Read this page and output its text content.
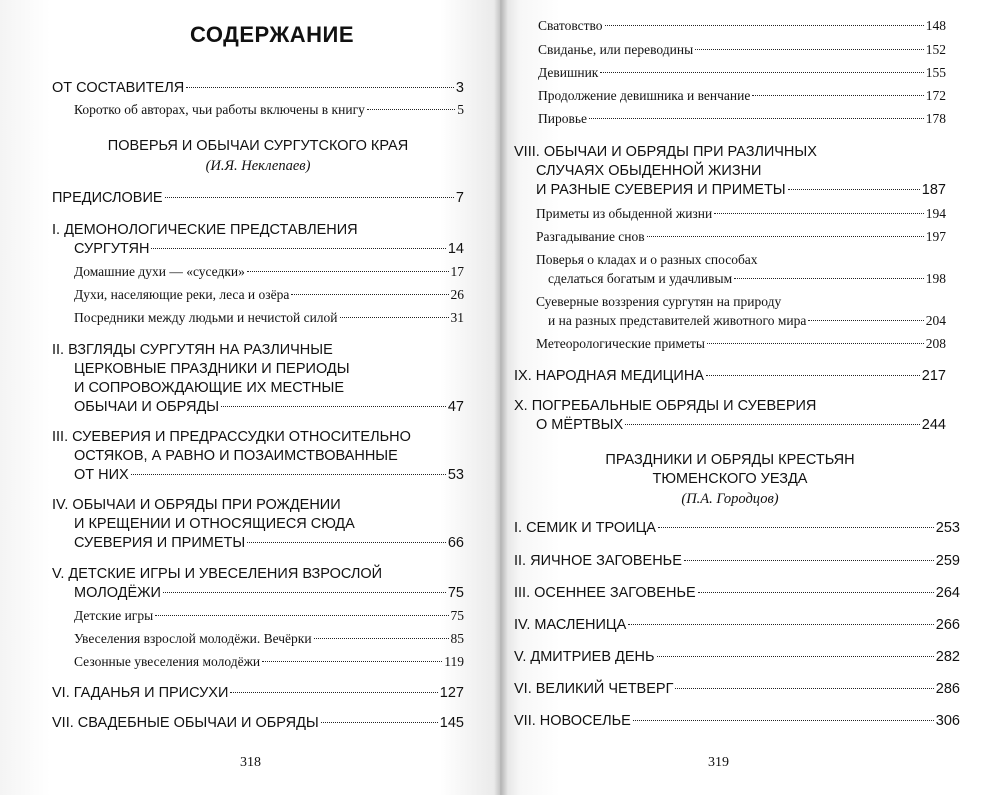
СОДЕРЖАНИЕ
ОТ СОСТАВИТЕЛЯ	3
Коротко об авторах, чьи работы включены в книгу	5
ПОВЕРЬЯ И ОБЫЧАИ СУРГУТСКОГО КРАЯ
(И.Я. Неклепаев)
ПРЕДИСЛОВИЕ	7
I. ДЕМОНОЛОГИЧЕСКИЕ ПРЕДСТАВЛЕНИЯ
СУРГУТЯН	14
Домашние духи — «суседки»	17
Духи, населяющие реки, леса и озёра	26
Посредники между людьми и нечистой силой	31
II. ВЗГЛЯДЫ СУРГУТЯН НА РАЗЛИЧНЫЕ
ЦЕРКОВНЫЕ ПРАЗДНИКИ И ПЕРИОДЫ
И СОПРОВОЖДАЮЩИЕ ИХ МЕСТНЫЕ
ОБЫЧАИ И ОБРЯДЫ	47
III. СУЕВЕРИЯ И ПРЕДРАССУДКИ ОТНОСИТЕЛЬНО
ОСТЯКОВ, А РАВНО И ПОЗАИМСТВОВАННЫЕ
ОТ НИХ	53
IV. ОБЫЧАИ И ОБРЯДЫ ПРИ РОЖДЕНИИ
И КРЕЩЕНИИ И ОТНОСЯЩИЕСЯ СЮДА
СУЕВЕРИЯ И ПРИМЕТЫ	66
V. ДЕТСКИЕ ИГРЫ И УВЕСЕЛЕНИЯ ВЗРОСЛОЙ
МОЛОДЁЖИ	75
Детские игры	75
Увеселения взрослой молодёжи. Вечёрки	85
Сезонные увеселения молодёжи	119
VI. ГАДАНЬЯ И ПРИСУХИ	127
VII. СВАДЕБНЫЕ ОБЫЧАИ И ОБРЯДЫ	145
318
Сватовство	148
Свиданье, или переводины	152
Девишник	155
Продолжение девишника и венчание	172
Пировье	178
VIII. ОБЫЧАИ И ОБРЯДЫ ПРИ РАЗЛИЧНЫХ
СЛУЧАЯХ ОБЫДЕННОЙ ЖИЗНИ
И РАЗНЫЕ СУЕВЕРИЯ И ПРИМЕТЫ	187
Приметы из обыденной жизни	194
Разгадывание снов	197
Поверья о кладах и о разных способах
сделаться богатым и удачливым	198
Суеверные воззрения сургутян на природу
и на разных представителей животного мира	204
Метеорологические приметы	208
IX. НАРОДНАЯ МЕДИЦИНА	217
X. ПОГРЕБАЛЬНЫЕ ОБРЯДЫ И СУЕВЕРИЯ
О МЁРТВЫХ	244
ПРАЗДНИКИ И ОБРЯДЫ КРЕСТЬЯН
ТЮМЕНСКОГО УЕЗДА
(П.А. Городцов)
I. СЕМИК И ТРОИЦА	253
II. ЯИЧНОЕ ЗАГОВЕНЬЕ	259
III. ОСЕННЕЕ ЗАГОВЕНЬЕ	264
IV. МАСЛЕНИЦА	266
V. ДМИТРИЕВ ДЕНЬ	282
VI. ВЕЛИКИЙ ЧЕТВЕРГ	286
VII. НОВОСЕЛЬЕ	306
319
